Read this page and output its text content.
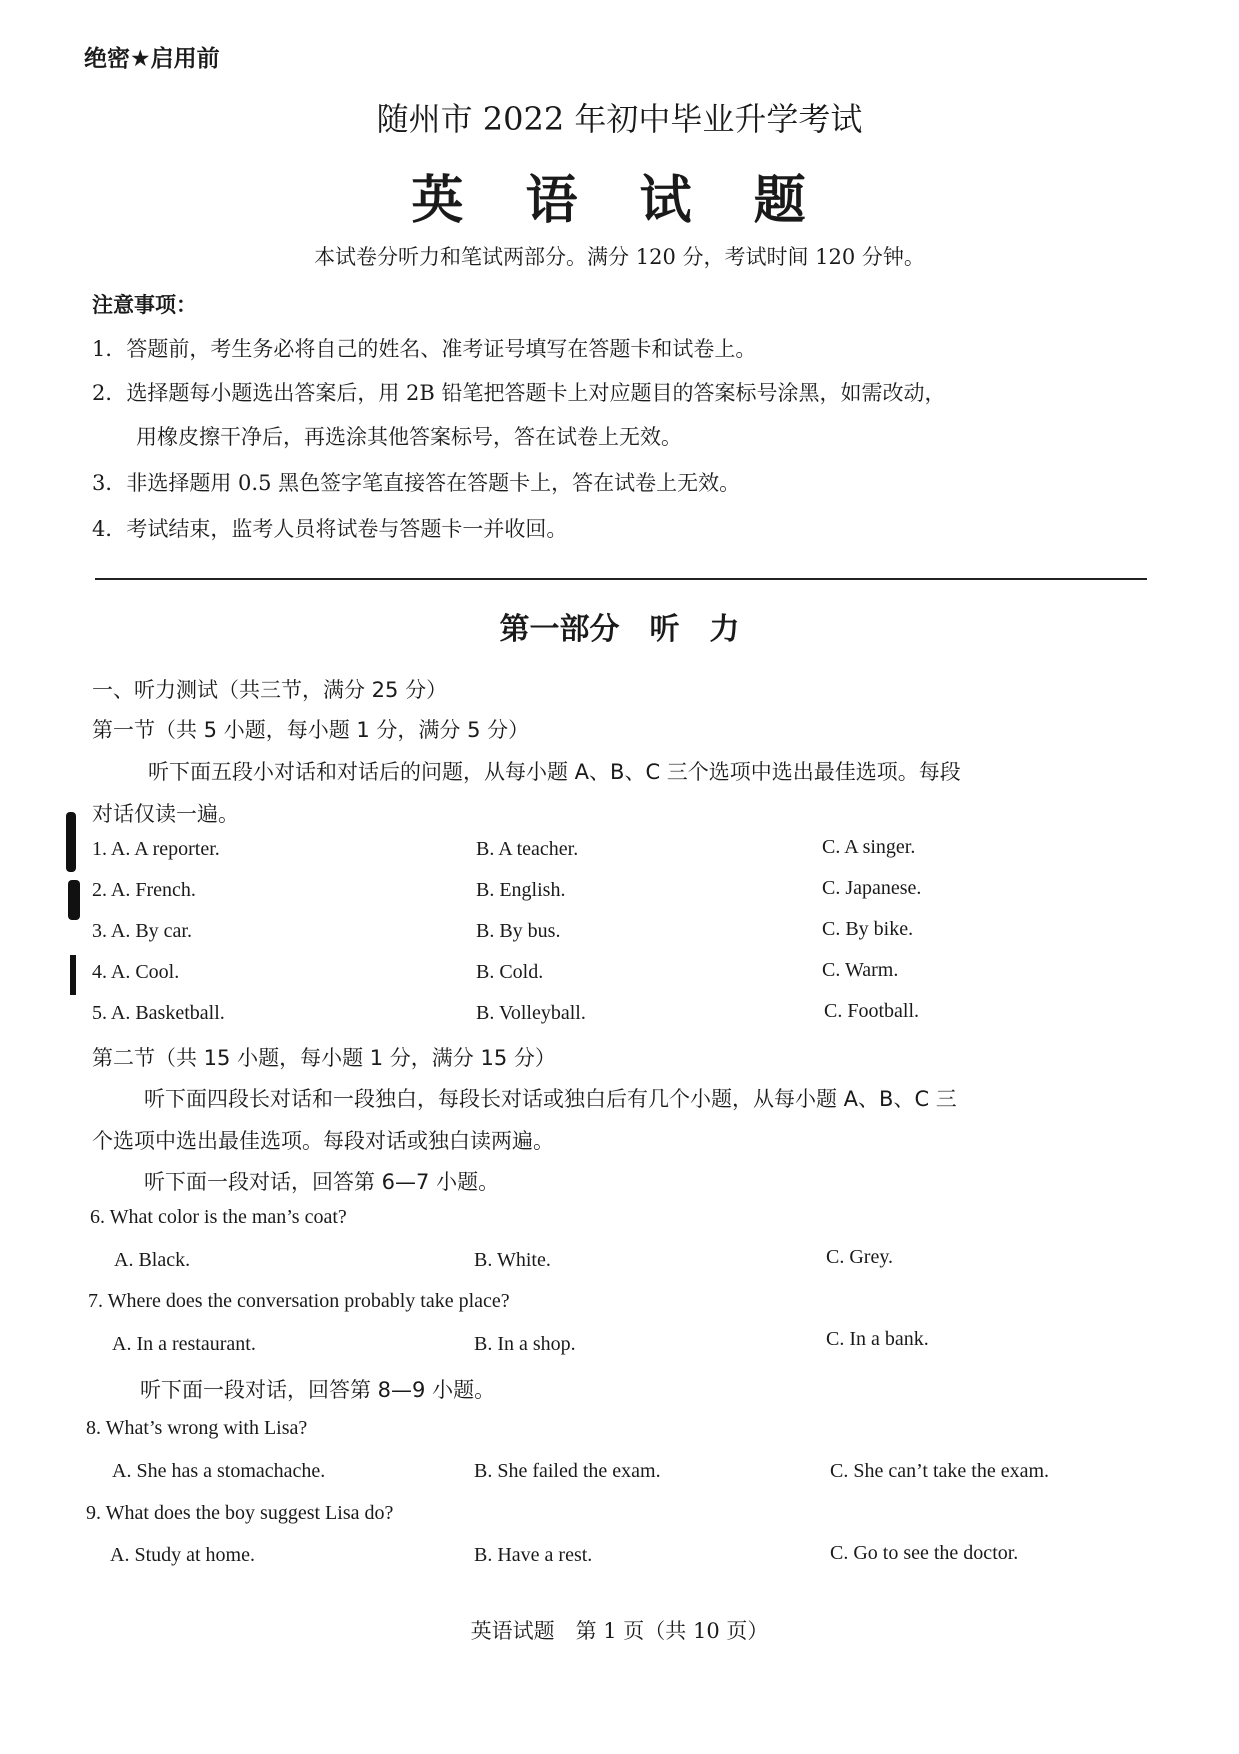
绝密★启用前
随州市 2022 年初中毕业升学考试
英 语 试 题
本试卷分听力和笔试两部分。满分 120 分，考试时间 120 分钟。
注意事项：
1．答题前，考生务必将自己的姓名、准考证号填写在答题卡和试卷上。
2．选择题每小题选出答案后，用 2B 铅笔把答题卡上对应题目的答案标号涂黑，如需改动，
用橡皮擦干净后，再选涂其他答案标号，答在试卷上无效。
3．非选择题用 0.5 黑色签字笔直接答在答题卡上，答在试卷上无效。
4．考试结束，监考人员将试卷与答题卡一并收回。
第一部分　听　力
一、听力测试（共三节，满分 25 分）
第一节（共 5 小题，每小题 1 分，满分 5 分）
听下面五段小对话和对话后的问题，从每小题 A、B、C 三个选项中选出最佳选项。每段
对话仅读一遍。
1. A. A reporter.	B. A teacher.	C. A singer.
2. A. French.	B. English.	C. Japanese.
3. A. By car.	B. By bus.	C. By bike.
4. A. Cool.	B. Cold.	C. Warm.
5. A. Basketball.	B. Volleyball.	C. Football.
第二节（共 15 小题，每小题 1 分，满分 15 分）
听下面四段长对话和一段独白，每段长对话或独白后有几个小题，从每小题 A、B、C 三
个选项中选出最佳选项。每段对话或独白读两遍。
听下面一段对话，回答第 6—7 小题。
6. What color is the man’s coat?
A. Black.	B. White.	C. Grey.
7. Where does the conversation probably take place?
A. In a restaurant.	B. In a shop.	C. In a bank.
听下面一段对话，回答第 8—9 小题。
8. What’s wrong with Lisa?
A. She has a stomachache.	B. She failed the exam.	C. She can’t take the exam.
9. What does the boy suggest Lisa do?
A. Study at home.	B. Have a rest.	C. Go to see the doctor.
英语试题　第 1 页（共 10 页）
